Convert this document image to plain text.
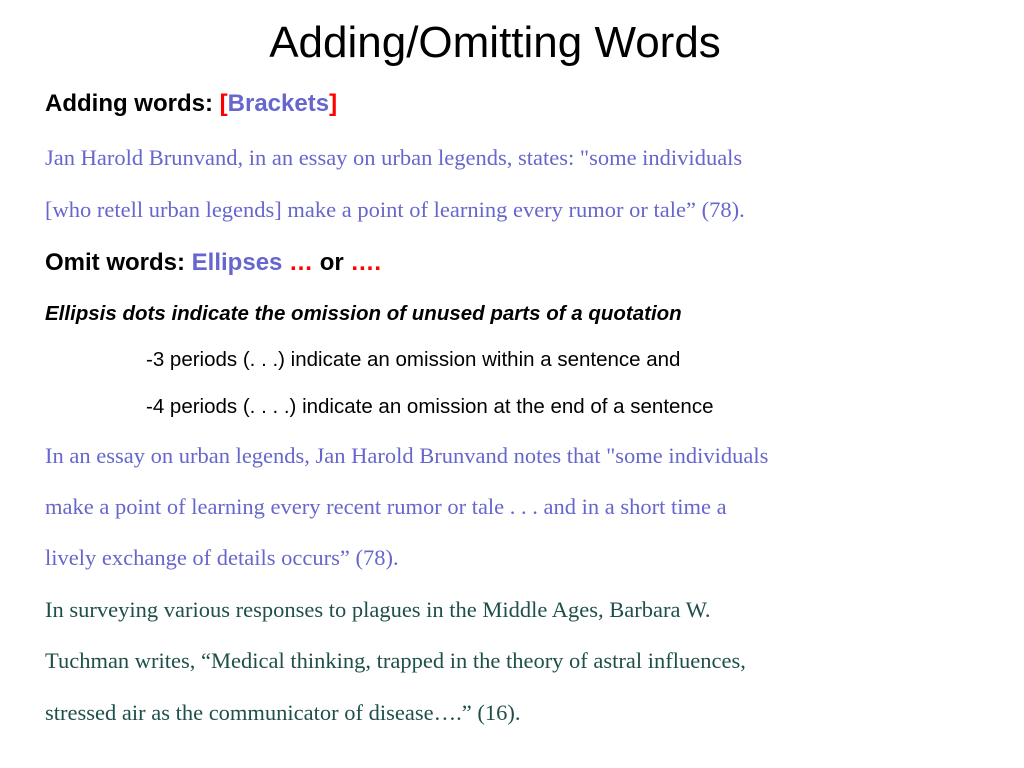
Adding/Omitting Words
Adding words: [Brackets]
Jan Harold Brunvand, in an essay on urban legends, states: "some individuals
[who retell urban legends] make a point of learning every rumor or tale” (78).
Omit words: Ellipses … or ….
Ellipsis dots indicate the omission of unused parts of a quotation
-3 periods (. . .) indicate an omission within a sentence and
-4 periods (. . . .) indicate an omission at the end of a sentence
In an essay on urban legends, Jan Harold Brunvand notes that "some individuals
make a point of learning every recent rumor or tale . . . and in a short time a
lively exchange of details occurs” (78).
In surveying various responses to plagues in the Middle Ages, Barbara W.
Tuchman writes, “Medical thinking, trapped in the theory of astral influences,
stressed air as the communicator of disease….” (16).
